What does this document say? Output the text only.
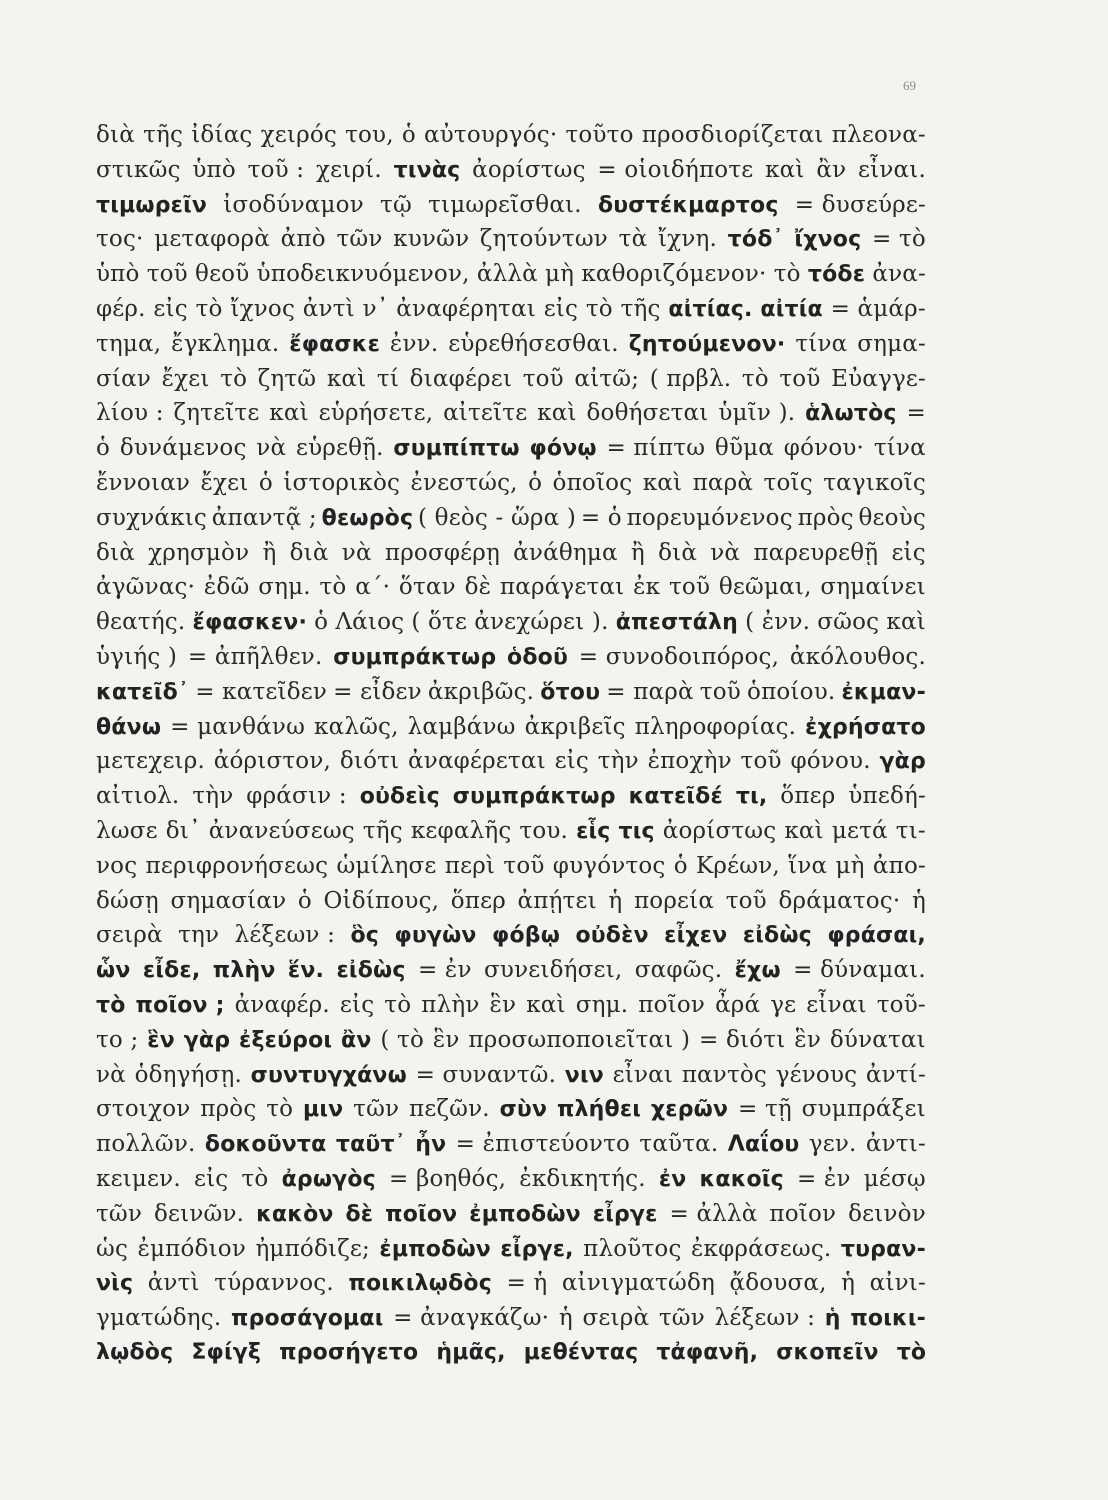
69
διὰ τῆς ἰδίας χειρός του, ὁ αὐτουργός· τοῦτο προσδιορίζεται πλεονα-
στικῶς ὑπὸ τοῦ : χειρί. τινὰς ἀορίστως = οἱοιδήποτε καὶ ἂν εἶναι.
τιμωρεῖν ἰσοδύναμον τῷ τιμωρεῖσθαι. δυστέκμαρτος = δυσεύρε-
τος· μεταφορὰ ἀπὸ τῶν κυνῶν ζητούντων τὰ ἴχνη. τόδ᾽ ἴχνος = τὸ
ὑπὸ τοῦ θεοῦ ὑποδεικνυόμενον, ἀλλὰ μὴ καθοριζόμενον· τὸ τόδε ἀνα-
φέρ. εἰς τὸ ἴχνος ἀντὶ ν᾽ ἀναφέρηται εἰς τὸ τῆς αἰτίας. αἰτία = ἁμάρ-
τημα, ἔγκλημα. ἔφασκε ἐνν. εὑρεθήσεσθαι. ζητούμενον· τίνα σημα-
σίαν ἔχει τὸ ζητῶ καὶ τί διαφέρει τοῦ αἰτῶ; ( πρβλ. τὸ τοῦ Εὐαγγε-
λίου : ζητεῖτε καὶ εὑρήσετε, αἰτεῖτε καὶ δοθήσεται ὑμῖν ). ἁλωτὸς =
ὁ δυνάμενος νὰ εὑρεθῇ. συμπίπτω φόνῳ = πίπτω θῦμα φόνου· τίνα
ἔννοιαν ἔχει ὁ ἱστορικὸς ἐνεστώς, ὁ ὁποῖος καὶ παρὰ τοῖς ταγικοῖς
συχνάκις ἀπαντᾷ ; θεωρὸς ( θεὸς - ὥρα ) = ὁ πορευμόνενος πρὸς θεοὺς
διὰ χρησμὸν ἢ διὰ νὰ προσφέρῃ ἀνάθημα ἢ διὰ νὰ παρευρεθῇ εἰς
ἀγῶνας· ἐδῶ σημ. τὸ α΄· ὅταν δὲ παράγεται ἐκ τοῦ θεῶμαι, σημαίνει
θεατής. ἔφασκεν· ὁ Λάιος ( ὅτε ἀνεχώρει ). ἀπεστάλη ( ἐνν. σῶος καὶ
ὑγιής ) = ἀπῆλθεν. συμπράκτωρ ὁδοῦ = συνοδοιπόρος, ἀκόλουθος.
κατεῖδ᾽ = κατεῖδεν = εἶδεν ἀκριβῶς. ὅτου = παρὰ τοῦ ὁποίου. ἐκμαν-
θάνω = μανθάνω καλῶς, λαμβάνω ἀκριβεῖς πληροφορίας. ἐχρήσατο
μετεχειρ. ἀόριστον, διότι ἀναφέρεται εἰς τὴν ἐποχὴν τοῦ φόνου. γὰρ
αἰτιολ. τὴν φράσιν : οὐδεὶς συμπράκτωρ κατεῖδέ τι, ὅπερ ὑπεδή-
λωσε δι᾽ ἀνανεύσεως τῆς κεφαλῆς του. εἷς τις ἀορίστως καὶ μετά τι-
νος περιφρονήσεως ὡμίλησε περὶ τοῦ φυγόντος ὁ Κρέων, ἵνα μὴ ἀπο-
δώσῃ σημασίαν ὁ Οἰδίπους, ὅπερ ἀπῄτει ἡ πορεία τοῦ δράματος· ἡ
σειρὰ την λέξεων : ὃς φυγὼν φόβῳ οὐδὲν εἶχεν εἰδὼς φράσαι,
ὧν εἶδε, πλὴν ἕν. εἰδὼς = ἐν συνειδήσει, σαφῶς. ἔχω = δύναμαι.
τὸ ποῖον ; ἀναφέρ. εἰς τὸ πλὴν ἓν καὶ σημ. ποῖον ἆρά γε εἶναι τοῦ-
το ; ἓν γὰρ ἐξεύροι ἂν ( τὸ ἓν προσωποποιεῖται ) = διότι ἓν δύναται
νὰ ὁδηγήσῃ. συντυγχάνω = συναντῶ. νιν εἶναι παντὸς γένους ἀντί-
στοιχον πρὸς τὸ μιν τῶν πεζῶν. σὺν πλήθει χερῶν = τῇ συμπράξει
πολλῶν. δοκοῦντα ταῦτ᾽ ἦν = ἐπιστεύοντο ταῦτα. Λαΐου γεν. ἀντι-
κειμεν. εἰς τὸ ἀρωγὸς = βοηθός, ἐκδικητής. ἐν κακοῖς = ἐν μέσῳ
τῶν δεινῶν. κακὸν δὲ ποῖον ἐμποδὼν εἶργε = ἀλλὰ ποῖον δεινὸν
ὡς ἐμπόδιον ἠμπόδιζε; ἐμποδὼν εἶργε, πλοῦτος ἐκφράσεως. τυραν-
νὶς ἀντὶ τύραννος. ποικιλῳδὸς = ἡ αἰνιγματώδη ᾄδουσα, ἡ αἰνι-
γματώδης. προσάγομαι = ἀναγκάζω· ἡ σειρὰ τῶν λέξεων : ἡ ποικι-
λῳδὸς Σφίγξ προσήγετο ἡμᾶς, μεθέντας τἀφανῆ, σκοπεῖν τὸ
